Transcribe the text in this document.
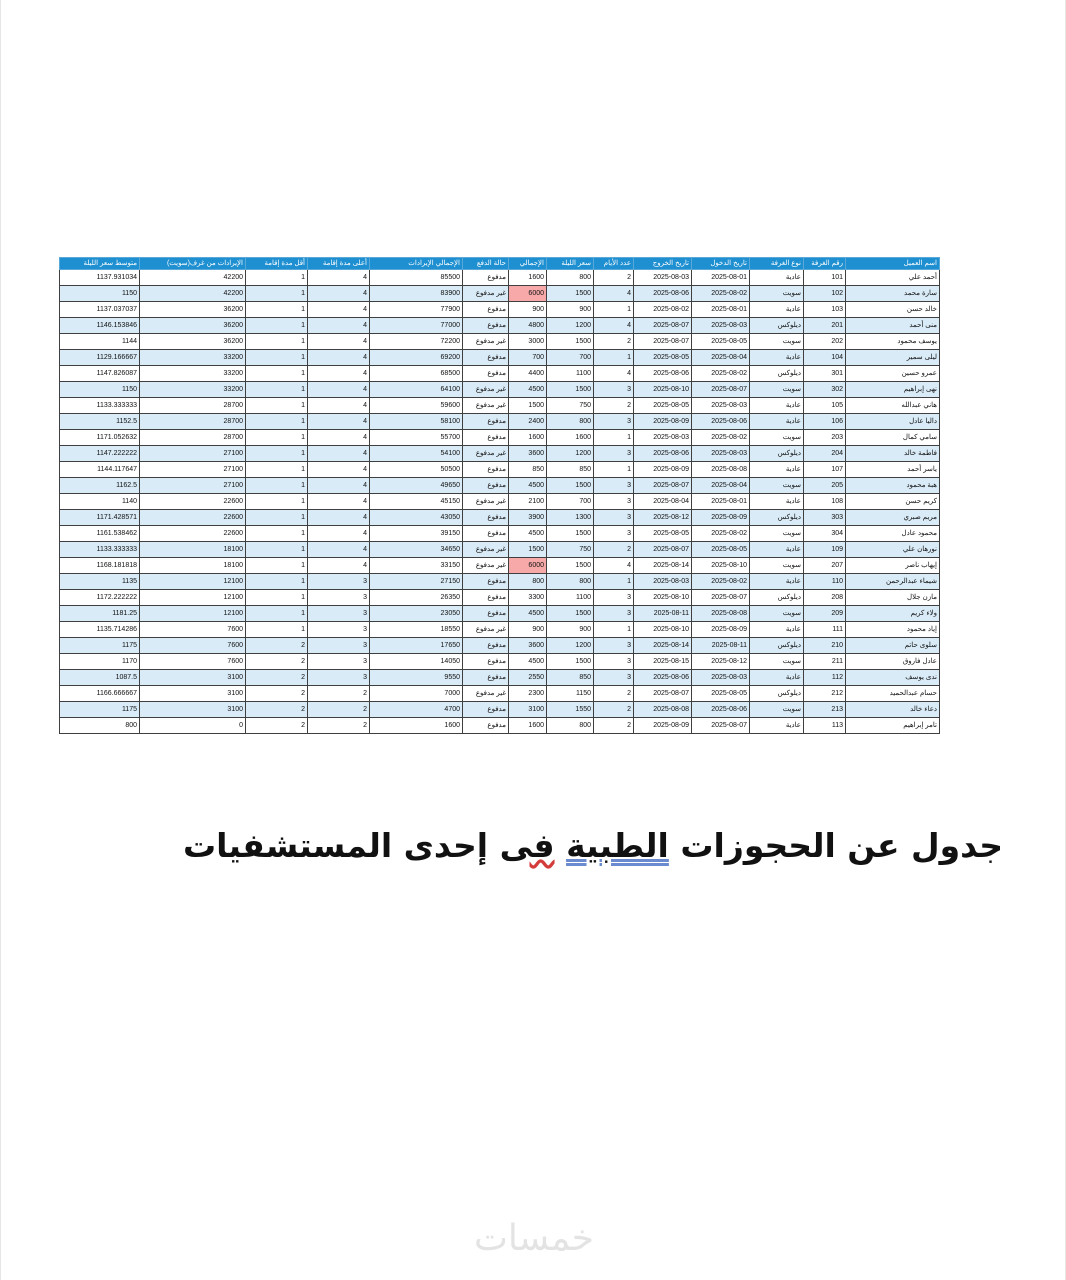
متوسط سعر الليلة	الإيرادات من غرف(سويت)	أقل مدة إقامة	أعلى مدة إقامة	الإجمالي الإيرادات	حالة الدفع	الإجمالي	سعر الليلة	عدد الأيام	تاريخ الخروج	تاريخ الدخول	نوع الغرفة	رقم الغرفة	اسم العميل
1137.931034	42200	1	4	85500	مدفوع	1600	800	2	2025-08-03	2025-08-01	عادية	101	أحمد علي
1150	42200	1	4	83900	غير مدفوع	6000	1500	4	2025-08-06	2025-08-02	سويت	102	سارة محمد
1137.037037	36200	1	4	77900	مدفوع	900	900	1	2025-08-02	2025-08-01	عادية	103	خالد حسن
1146.153846	36200	1	4	77000	مدفوع	4800	1200	4	2025-08-07	2025-08-03	ديلوكس	201	منى أحمد
1144	36200	1	4	72200	غير مدفوع	3000	1500	2	2025-08-07	2025-08-05	سويت	202	يوسف محمود
1129.166667	33200	1	4	69200	مدفوع	700	700	1	2025-08-05	2025-08-04	عادية	104	ليلى سمير
1147.826087	33200	1	4	68500	مدفوع	4400	1100	4	2025-08-06	2025-08-02	ديلوكس	301	عمرو حسين
1150	33200	1	4	64100	غير مدفوع	4500	1500	3	2025-08-10	2025-08-07	سويت	302	نهى إبراهيم
1133.333333	28700	1	4	59600	غير مدفوع	1500	750	2	2025-08-05	2025-08-03	عادية	105	هاني عبدالله
1152.5	28700	1	4	58100	مدفوع	2400	800	3	2025-08-09	2025-08-06	عادية	106	داليا عادل
1171.052632	28700	1	4	55700	مدفوع	1600	1600	1	2025-08-03	2025-08-02	سويت	203	سامي كمال
1147.222222	27100	1	4	54100	غير مدفوع	3600	1200	3	2025-08-06	2025-08-03	ديلوكس	204	فاطمة خالد
1144.117647	27100	1	4	50500	مدفوع	850	850	1	2025-08-09	2025-08-08	عادية	107	ياسر أحمد
1162.5	27100	1	4	49650	مدفوع	4500	1500	3	2025-08-07	2025-08-04	سويت	205	هبة محمود
1140	22600	1	4	45150	غير مدفوع	2100	700	3	2025-08-04	2025-08-01	عادية	108	كريم حسن
1171.428571	22600	1	4	43050	مدفوع	3900	1300	3	2025-08-12	2025-08-09	ديلوكس	303	مريم صبري
1161.538462	22600	1	4	39150	مدفوع	4500	1500	3	2025-08-05	2025-08-02	سويت	304	محمود عادل
1133.333333	18100	1	4	34650	غير مدفوع	1500	750	2	2025-08-07	2025-08-05	عادية	109	نورهان علي
1168.181818	18100	1	4	33150	غير مدفوع	6000	1500	4	2025-08-14	2025-08-10	سويت	207	إيهاب ناصر
1135	12100	1	3	27150	مدفوع	800	800	1	2025-08-03	2025-08-02	عادية	110	شيماء عبدالرحمن
1172.222222	12100	1	3	26350	مدفوع	3300	1100	3	2025-08-10	2025-08-07	ديلوكس	208	مازن جلال
1181.25	12100	1	3	23050	مدفوع	4500	1500	3	2025-08-11	2025-08-08	سويت	209	ولاء كريم
1135.714286	7600	1	3	18550	غير مدفوع	900	900	1	2025-08-10	2025-08-09	عادية	111	إياد محمود
1175	7600	2	3	17650	مدفوع	3600	1200	3	2025-08-14	2025-08-11	ديلوكس	210	سلوى حاتم
1170	7600	2	3	14050	مدفوع	4500	1500	3	2025-08-15	2025-08-12	سويت	211	عادل فاروق
1087.5	3100	2	3	9550	مدفوع	2550	850	3	2025-08-06	2025-08-03	عادية	112	ندى يوسف
1166.666667	3100	2	2	7000	غير مدفوع	2300	1150	2	2025-08-07	2025-08-05	ديلوكس	212	حسام عبدالحميد
1175	3100	2	2	4700	مدفوع	3100	1550	2	2025-08-08	2025-08-06	سويت	213	دعاء خالد
800	0	2	2	1600	مدفوع	1600	800	2	2025-08-09	2025-08-07	عادية	113	تامر إبراهيم
جدول عن الحجوزات الطبية فى إحدى المستشفيات
خمسات
